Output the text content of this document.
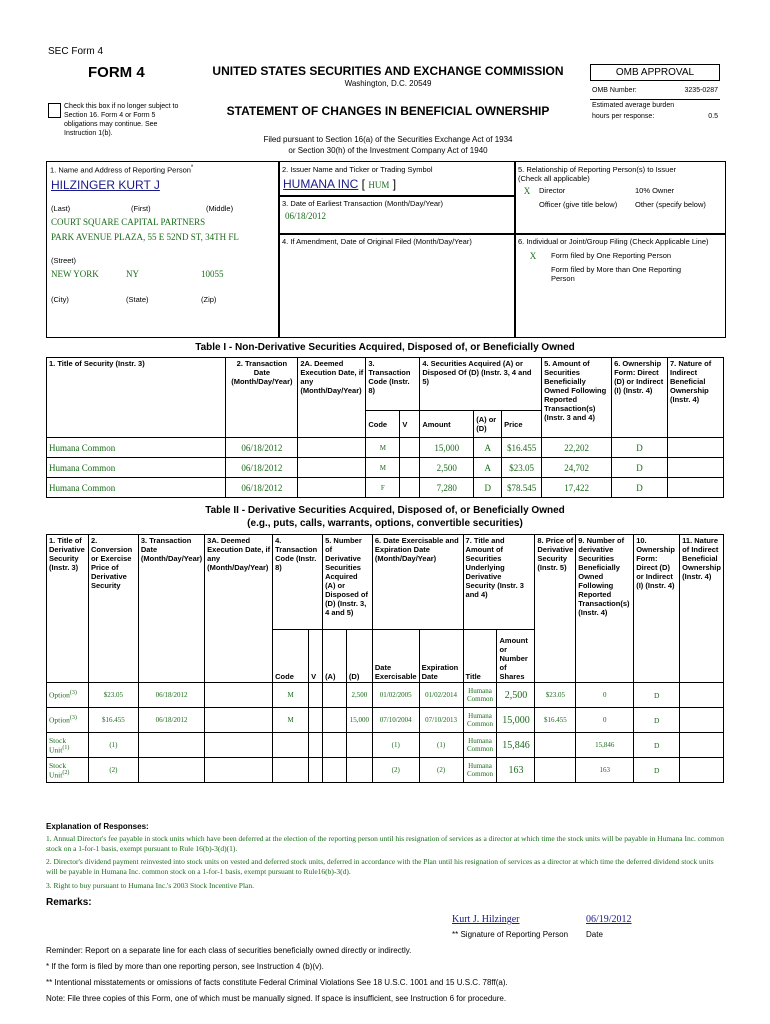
SEC Form 4
FORM 4	UNITED STATES SECURITIES AND EXCHANGE COMMISSION
Washington, D.C. 20549
Check this box if no longer subject to Section 16. Form 4 or Form 5 obligations may continue. See Instruction 1(b).
STATEMENT OF CHANGES IN BENEFICIAL OWNERSHIP
OMB APPROVAL
OMB Number:	3235-0287
Estimated average burden
hours per response:	0.5
Filed pursuant to Section 16(a) of the Securities Exchange Act of 1934
or Section 30(h) of the Investment Company Act of 1940
1. Name and Address of Reporting Person*
HILZINGER KURT J
(Last)	(First)	(Middle)
COURT SQUARE CAPITAL PARTNERS
PARK AVENUE PLAZA, 55 E 52ND ST, 34TH FL
(Street)
NEW YORK	NY	10055
(City)	(State)	(Zip)
2. Issuer Name and Ticker or Trading Symbol
HUMANA INC [ HUM ]
3. Date of Earliest Transaction (Month/Day/Year)
06/18/2012
4. If Amendment, Date of Original Filed (Month/Day/Year)
5. Relationship of Reporting Person(s) to Issuer
(Check all applicable)
X	Director	10% Owner
Officer (give title below)	Other (specify below)
6. Individual or Joint/Group Filing (Check Applicable Line)
X	Form filed by One Reporting Person
Form filed by More than One Reporting Person
Table I - Non-Derivative Securities Acquired, Disposed of, or Beneficially Owned
1. Title of Security (Instr. 3)	2. Transaction Date (Month/Day/Year)	2A. Deemed Execution Date, if any (Month/Day/Year)	3. Transaction Code (Instr. 8)		4. Securities Acquired (A) or Disposed Of (D) (Instr. 3, 4 and 5)			5. Amount of Securities Beneficially Owned Following Reported Transaction(s) (Instr. 3 and 4)	6. Ownership Form: Direct (D) or Indirect (I) (Instr. 4)	7. Nature of Indirect Beneficial Ownership (Instr. 4)
			Code	V	Amount	(A) or (D)	Price			
Humana Common	06/18/2012		M		15,000	A	$16.455	22,202	D	
Humana Common	06/18/2012		M		2,500	A	$23.05	24,702	D	
Humana Common	06/18/2012		F		7,280	D	$78.545	17,422	D	
Table II - Derivative Securities Acquired, Disposed of, or Beneficially Owned
(e.g., puts, calls, warrants, options, convertible securities)
1. Title of Derivative Security (Instr. 3)	2. Conversion or Exercise Price of Derivative Security	3. Transaction Date (Month/Day/Year)	3A. Deemed Execution Date, if any (Month/Day/Year)	4. Transaction Code (Instr. 8)		5. Number of Derivative Securities Acquired (A) or Disposed of (D) (Instr. 3, 4 and 5)		6. Date Exercisable and Expiration Date (Month/Day/Year)		7. Title and Amount of Securities Underlying Derivative Security (Instr. 3 and 4)		8. Price of Derivative Security (Instr. 5)	9. Number of derivative Securities Beneficially Owned Following Reported Transaction(s) (Instr. 4)	10. Ownership Form: Direct (D) or Indirect (I) (Instr. 4)	11. Nature of Indirect Beneficial Ownership (Instr. 4)
				Code	V	(A)	(D)	Date Exercisable	Expiration Date	Title	Amount or Number of Shares				
Option$^{(3)}$	$23.05	06/18/2012		M			2,500	01/02/2005	01/02/2014	Humana Common	2,500	$23.05	0	D	
Option$^{(3)}$	$16.455	06/18/2012		M			15,000	07/10/2004	07/10/2013	Humana Common	15,000	$16.455	0	D	
Stock Unit$^{(1)}$	(1)							(1)	(1)	Humana Common	15,846		15,846	D	
Stock Unit$^{(2)}$	(2)							(2)	(2)	Humana Common	163		163	D	
Explanation of Responses:
1. Annual Director's fee payable in stock units which have been deferred at the election of the reporting person until his resignation of services as a director at which time the stock units will be payable in Humana Inc. common stock on a 1-for-1 basis, exempt pursuant to Rule 16(b)-3(d)(1).
2. Director's dividend payment reinvested into stock units on vested and deferred stock units, deferred in accordance with the Plan until his resignation of services as a director at which time the deferred dividend stock units will be payable in Humana Inc. common stock on a 1-for-1 basis, exempt pursuant to Rule16(b)-3(d).
3. Right to buy pursuant to Humana Inc.'s 2003 Stock Incentive Plan.
Remarks:
Kurt J. Hilzinger	06/19/2012
** Signature of Reporting Person Date
Reminder: Report on a separate line for each class of securities beneficially owned directly or indirectly.
* If the form is filed by more than one reporting person, see Instruction 4 (b)(v).
** Intentional misstatements or omissions of facts constitute Federal Criminal Violations See 18 U.S.C. 1001 and 15 U.S.C. 78ff(a).
Note: File three copies of this Form, one of which must be manually signed. If space is insufficient, see Instruction 6 for procedure.
